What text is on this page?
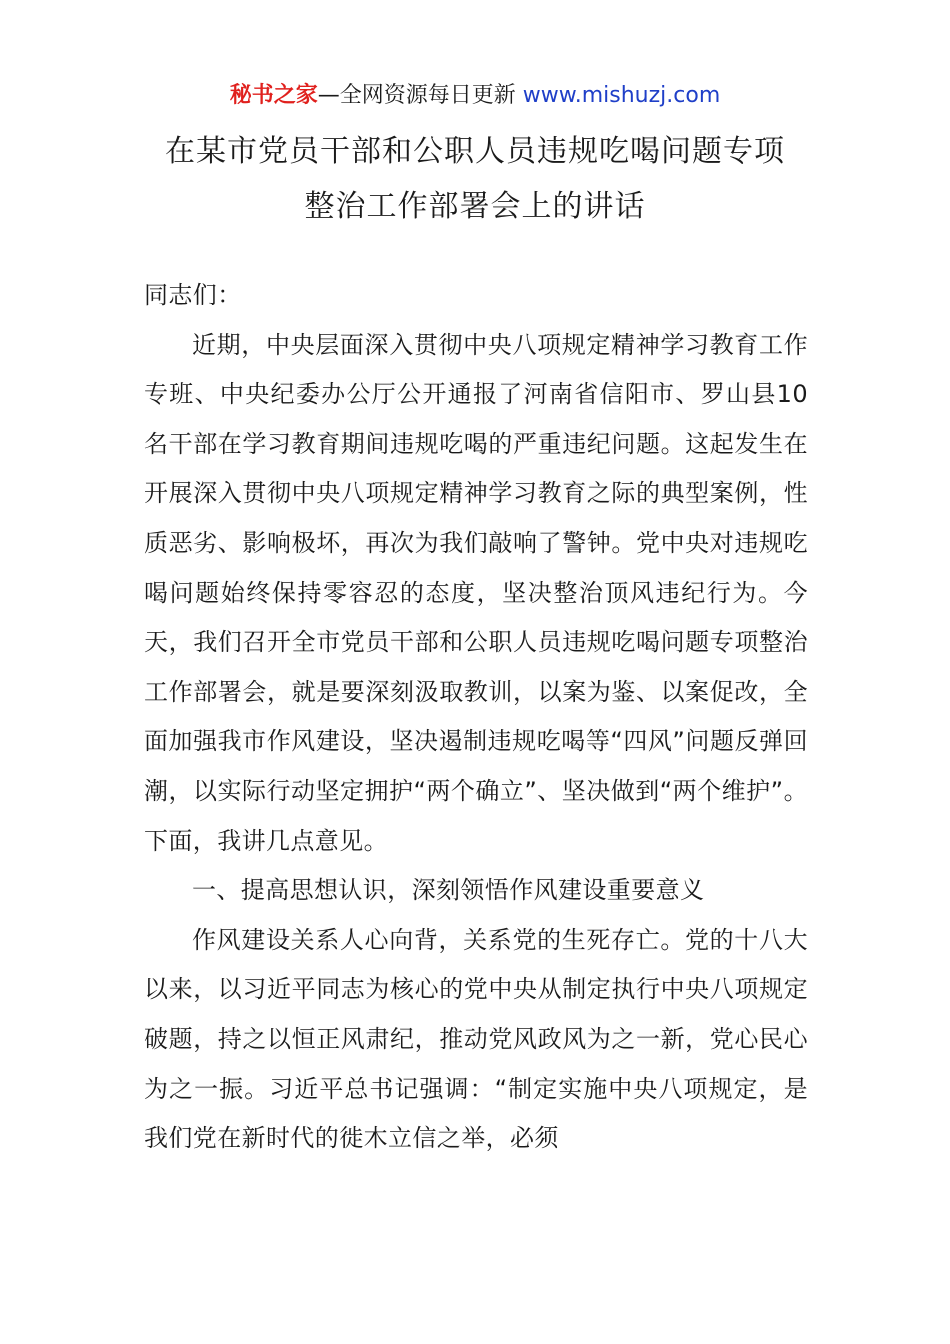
秘书之家—全网资源每日更新 www.mishuzj.com
在某市党员干部和公职人员违规吃喝问题专项
整治工作部署会上的讲话

同志们：

近期，中央层面深入贯彻中央八项规定精神学习教育工作专班、中央纪委办公厅公开通报了河南省信阳市、罗山县10名干部在学习教育期间违规吃喝的严重违纪问题。这起发生在开展深入贯彻中央八项规定精神学习教育之际的典型案例，性质恶劣、影响极坏，再次为我们敲响了警钟。党中央对违规吃喝问题始终保持零容忍的态度，坚决整治顶风违纪行为。今天，我们召开全市党员干部和公职人员违规吃喝问题专项整治工作部署会，就是要深刻汲取教训，以案为鉴、以案促改，全面加强我市作风建设，坚决遏制违规吃喝等“四风”问题反弹回潮，以实际行动坚定拥护“两个确立”、坚决做到“两个维护”。下面，我讲几点意见。

一、提高思想认识，深刻领悟作风建设重要意义

作风建设关系人心向背，关系党的生死存亡。党的十八大以来，以习近平同志为核心的党中央从制定执行中央八项规定破题，持之以恒正风肃纪，推动党风政风为之一新，党心民心为之一振。习近平总书记强调：“制定实施中央八项规定，是我们党在新时代的徙木立信之举，必须
